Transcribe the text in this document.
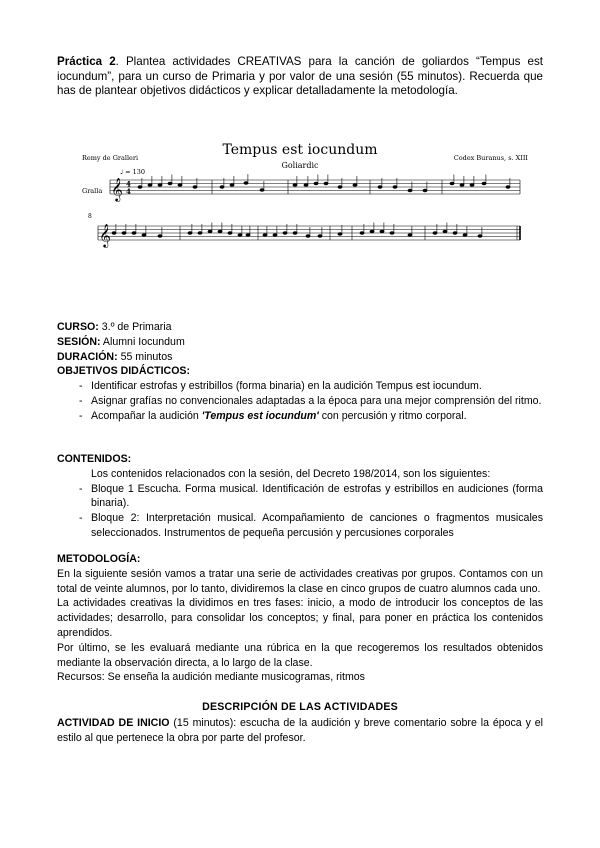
Práctica 2. Plantea actividades CREATIVAS para la canción de goliardos “Tempus est iocundum”, para un curso de Primaria y por valor de una sesión (55 minutos). Recuerda que has de plantear objetivos didácticos y explicar detalladamente la metodología.

Tempus est iocundum
Goliardic
Remy de Gralleri	Codex Buranus, s. XIII
♩ = 130
Gralla
8
𝄞 4
4
𝄞
CURSO: 3.º de Primaria
SESIÓN: Alumni Iocundum
DURACIÓN: 55 minutos
OBJETIVOS DIDÁCTICOS:
- Identificar estrofas y estribillos (forma binaria) en la audición Tempus est iocundum.
- Asignar grafías no convencionales adaptadas a la época para una mejor comprensión del ritmo.
- Acompañar la audición 'Tempus est iocundum' con percusión y ritmo corporal.
CONTENIDOS:
Los contenidos relacionados con la sesión, del Decreto 198/2014, son los siguientes:
- Bloque 1 Escucha. Forma musical. Identificación de estrofas y estribillos en audiciones (forma binaria).
- Bloque 2: Interpretación musical. Acompañamiento de canciones o fragmentos musicales seleccionados. Instrumentos de pequeña percusión y percusiones corporales
METODOLOGÍA:

En la siguiente sesión vamos a tratar una serie de actividades creativas por grupos. Contamos con un total de veinte alumnos, por lo tanto, dividiremos la clase en cinco grupos de cuatro alumnos cada uno.

La actividades creativas la dividimos en tres fases: inicio, a modo de introducir los conceptos de las actividades; desarrollo, para consolidar los conceptos; y final, para poner en práctica los contenidos aprendidos.

Por último, se les evaluará mediante una rúbrica en la que recogeremos los resultados obtenidos mediante la observación directa, a lo largo de la clase.

Recursos: Se enseña la audición mediante musicogramas, ritmos

DESCRIPCIÓN DE LAS ACTIVIDADES

ACTIVIDAD DE INICIO (15 minutos): escucha de la audición y breve comentario sobre la época y el estilo al que pertenece la obra por parte del profesor.
